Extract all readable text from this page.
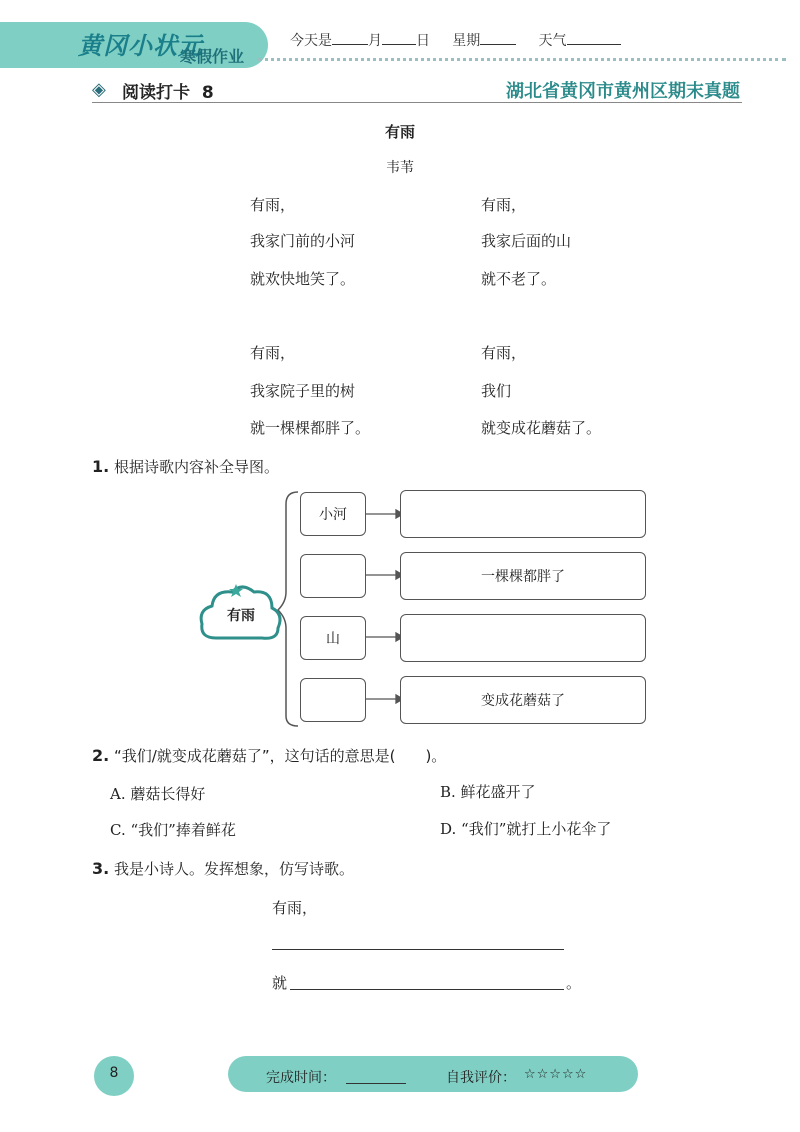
黄冈小状元
寒假作业
今天是	月 日 星期	天气
◈ 阅读打卡 8	湖北省黄冈市黄州区期末真题
有雨
韦苇
有雨，
我家门前的小河
就欢快地笑了。
有雨，
我家后面的山
就不老了。
有雨，
我家院子里的树
就一棵棵都胖了。
有雨，
我们
就变成花蘑菇了。
1. 根据诗歌内容补全导图。
有雨
小河
山
一棵棵都胖了
变成花蘑菇了
2. “我们/就变成花蘑菇了”，这句话的意思是(　　)。
A. 蘑菇长得好	B. 鲜花盛开了
C. “我们”捧着鲜花	D. “我们”就打上小花伞了
3. 我是小诗人。发挥想象，仿写诗歌。
有雨，
就	。
8	完成时间：	自我评价： ☆☆☆☆☆
